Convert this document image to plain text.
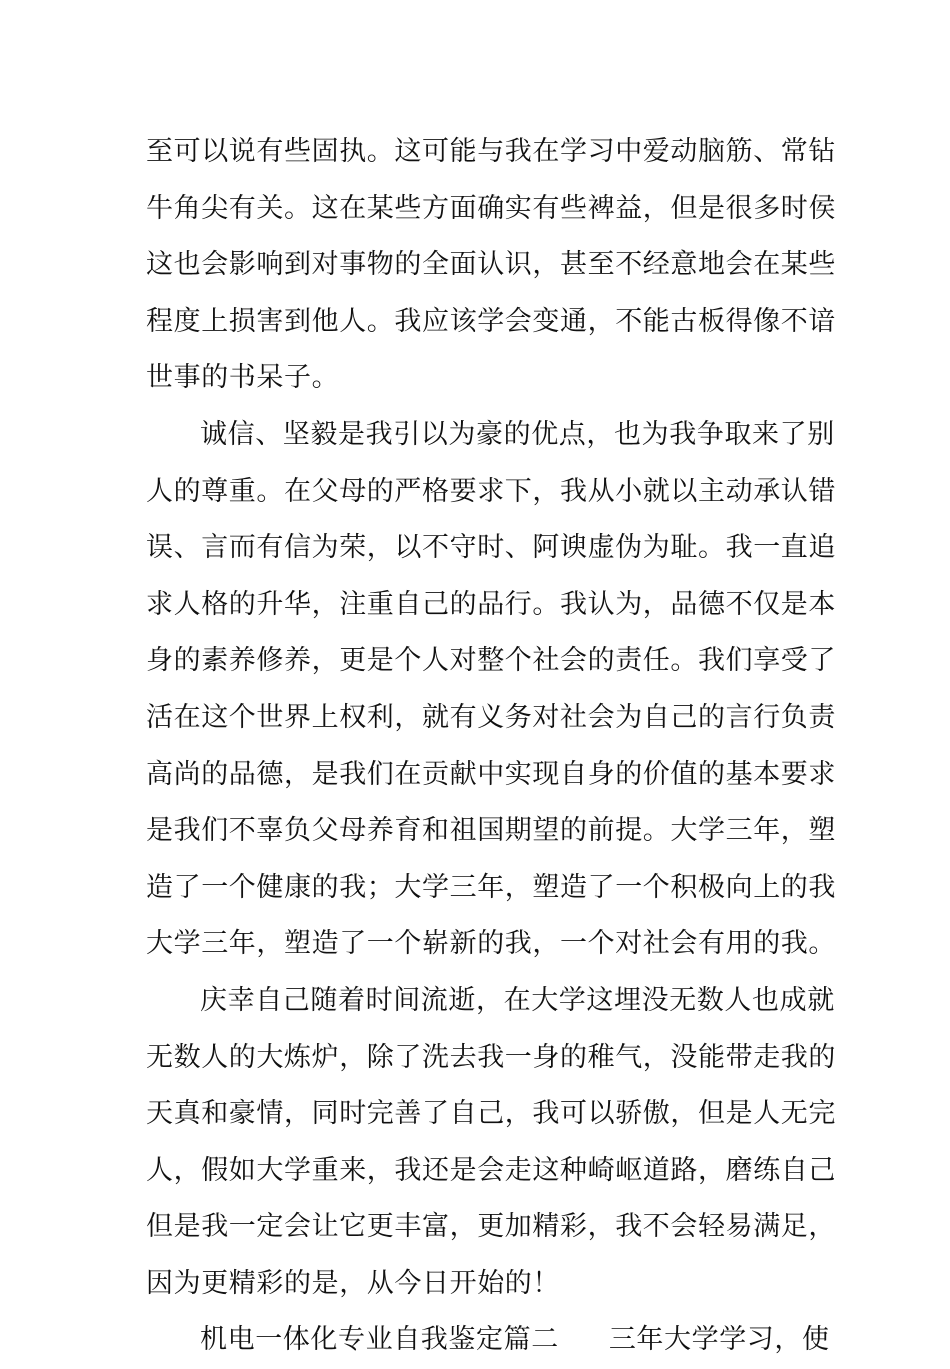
至可以说有些固执。这可能与我在学习中爱动脑筋、常钻
牛角尖有关。这在某些方面确实有些裨益，但是很多时侯
这也会影响到对事物的全面认识，甚至不经意地会在某些
程度上损害到他人。我应该学会变通，不能古板得像不谙
世事的书呆子。
诚信、坚毅是我引以为豪的优点，也为我争取来了别
人的尊重。在父母的严格要求下，我从小就以主动承认错
误、言而有信为荣，以不守时、阿谀虚伪为耻。我一直追
求人格的升华，注重自己的品行。我认为，品德不仅是本
身的素养修养，更是个人对整个社会的责任。我们享受了
活在这个世界上权利，就有义务对社会为自己的言行负责
高尚的品德，是我们在贡献中实现自身的价值的基本要求
是我们不辜负父母养育和祖国期望的前提。大学三年，塑
造了一个健康的我；大学三年，塑造了一个积极向上的我
大学三年，塑造了一个崭新的我，一个对社会有用的我。
庆幸自己随着时间流逝，在大学这埋没无数人也成就
无数人的大炼炉，除了洗去我一身的稚气，没能带走我的
天真和豪情，同时完善了自己，我可以骄傲，但是人无完
人，假如大学重来，我还是会走这种崎岖道路，磨练自己
但是我一定会让它更丰富，更加精彩，我不会轻易满足，
因为更精彩的是，从今日开始的！
机电一体化专业自我鉴定篇二 三年大学学习，使
